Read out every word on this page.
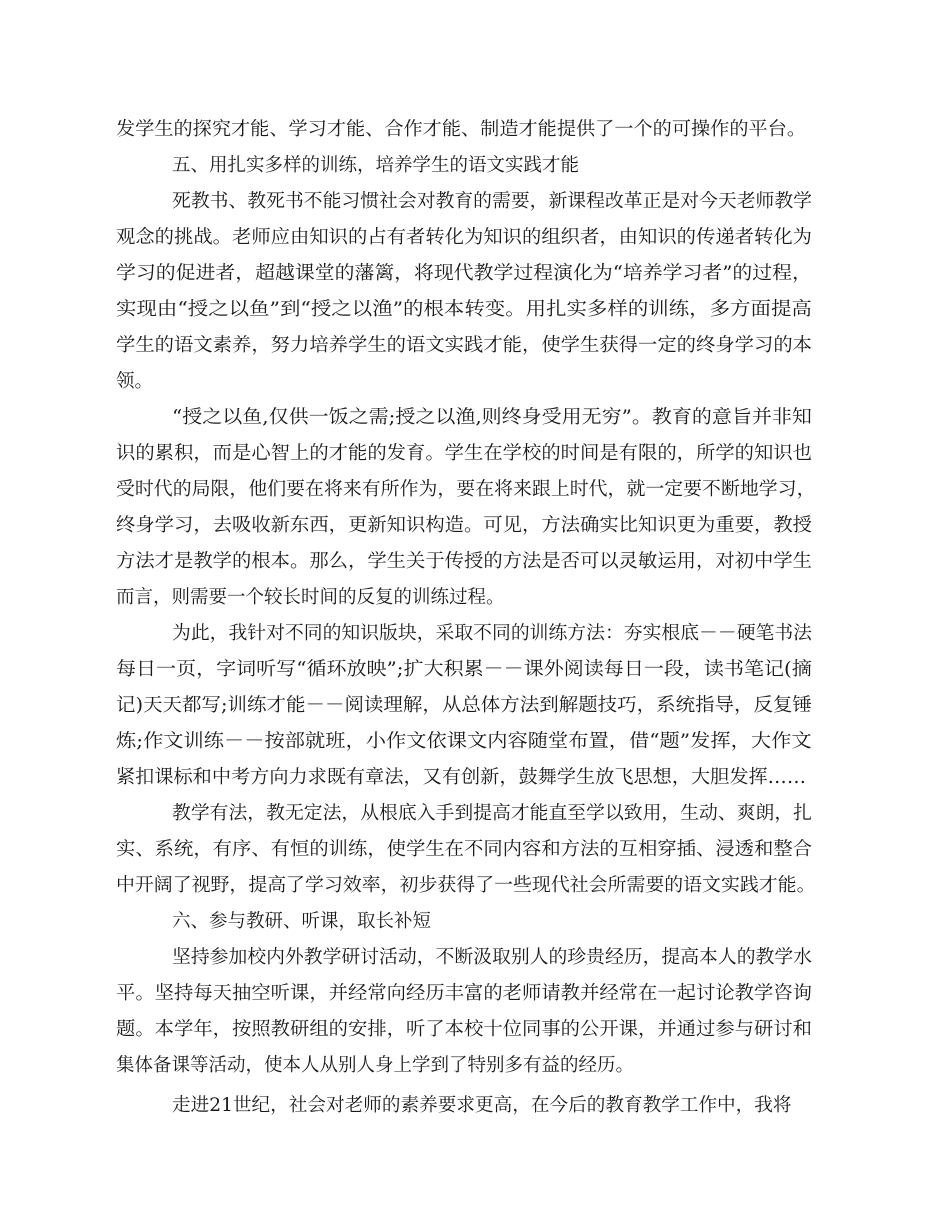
发学生的探究才能、学习才能、合作才能、制造才能提供了一个的可操作的平台。

五、用扎实多样的训练，培养学生的语文实践才能

死教书、教死书不能习惯社会对教育的需要，新课程改革正是对今天老师教学

观念的挑战。老师应由知识的占有者转化为知识的组织者，由知识的传递者转化为

学习的促进者，超越课堂的藩篱，将现代教学过程演化为“培养学习者”的过程，

实现由“授之以鱼”到“授之以渔”的根本转变。用扎实多样的训练，多方面提高

学生的语文素养，努力培养学生的语文实践才能，使学生获得一定的终身学习的本

领。

“授之以鱼,仅供一饭之需;授之以渔,则终身受用无穷”。教育的意旨并非知

识的累积，而是心智上的才能的发育。学生在学校的时间是有限的，所学的知识也

受时代的局限，他们要在将来有所作为，要在将来跟上时代，就一定要不断地学习，

终身学习，去吸收新东西，更新知识构造。可见，方法确实比知识更为重要，教授

方法才是教学的根本。那么，学生关于传授的方法是否可以灵敏运用，对初中学生

而言，则需要一个较长时间的反复的训练过程。

为此，我针对不同的知识版块，采取不同的训练方法：夯实根底－－硬笔书法

每日一页，字词听写“循环放映”;扩大积累－－课外阅读每日一段，读书笔记(摘

记)天天都写;训练才能－－阅读理解，从总体方法到解题技巧，系统指导，反复锤

炼;作文训练－－按部就班，小作文依课文内容随堂布置，借“题”发挥，大作文

紧扣课标和中考方向力求既有章法，又有创新，鼓舞学生放飞思想，大胆发挥……

教学有法，教无定法，从根底入手到提高才能直至学以致用，生动、爽朗，扎

实、系统，有序、有恒的训练，使学生在不同内容和方法的互相穿插、浸透和整合

中开阔了视野，提高了学习效率，初步获得了一些现代社会所需要的语文实践才能。

六、参与教研、听课，取长补短

坚持参加校内外教学研讨活动，不断汲取别人的珍贵经历，提高本人的教学水

平。坚持每天抽空听课，并经常向经历丰富的老师请教并经常在一起讨论教学咨询

题。本学年，按照教研组的安排，听了本校十位同事的公开课，并通过参与研讨和

集体备课等活动，使本人从别人身上学到了特别多有益的经历。

走进21世纪，社会对老师的素养要求更高，在今后的教育教学工作中，我将
